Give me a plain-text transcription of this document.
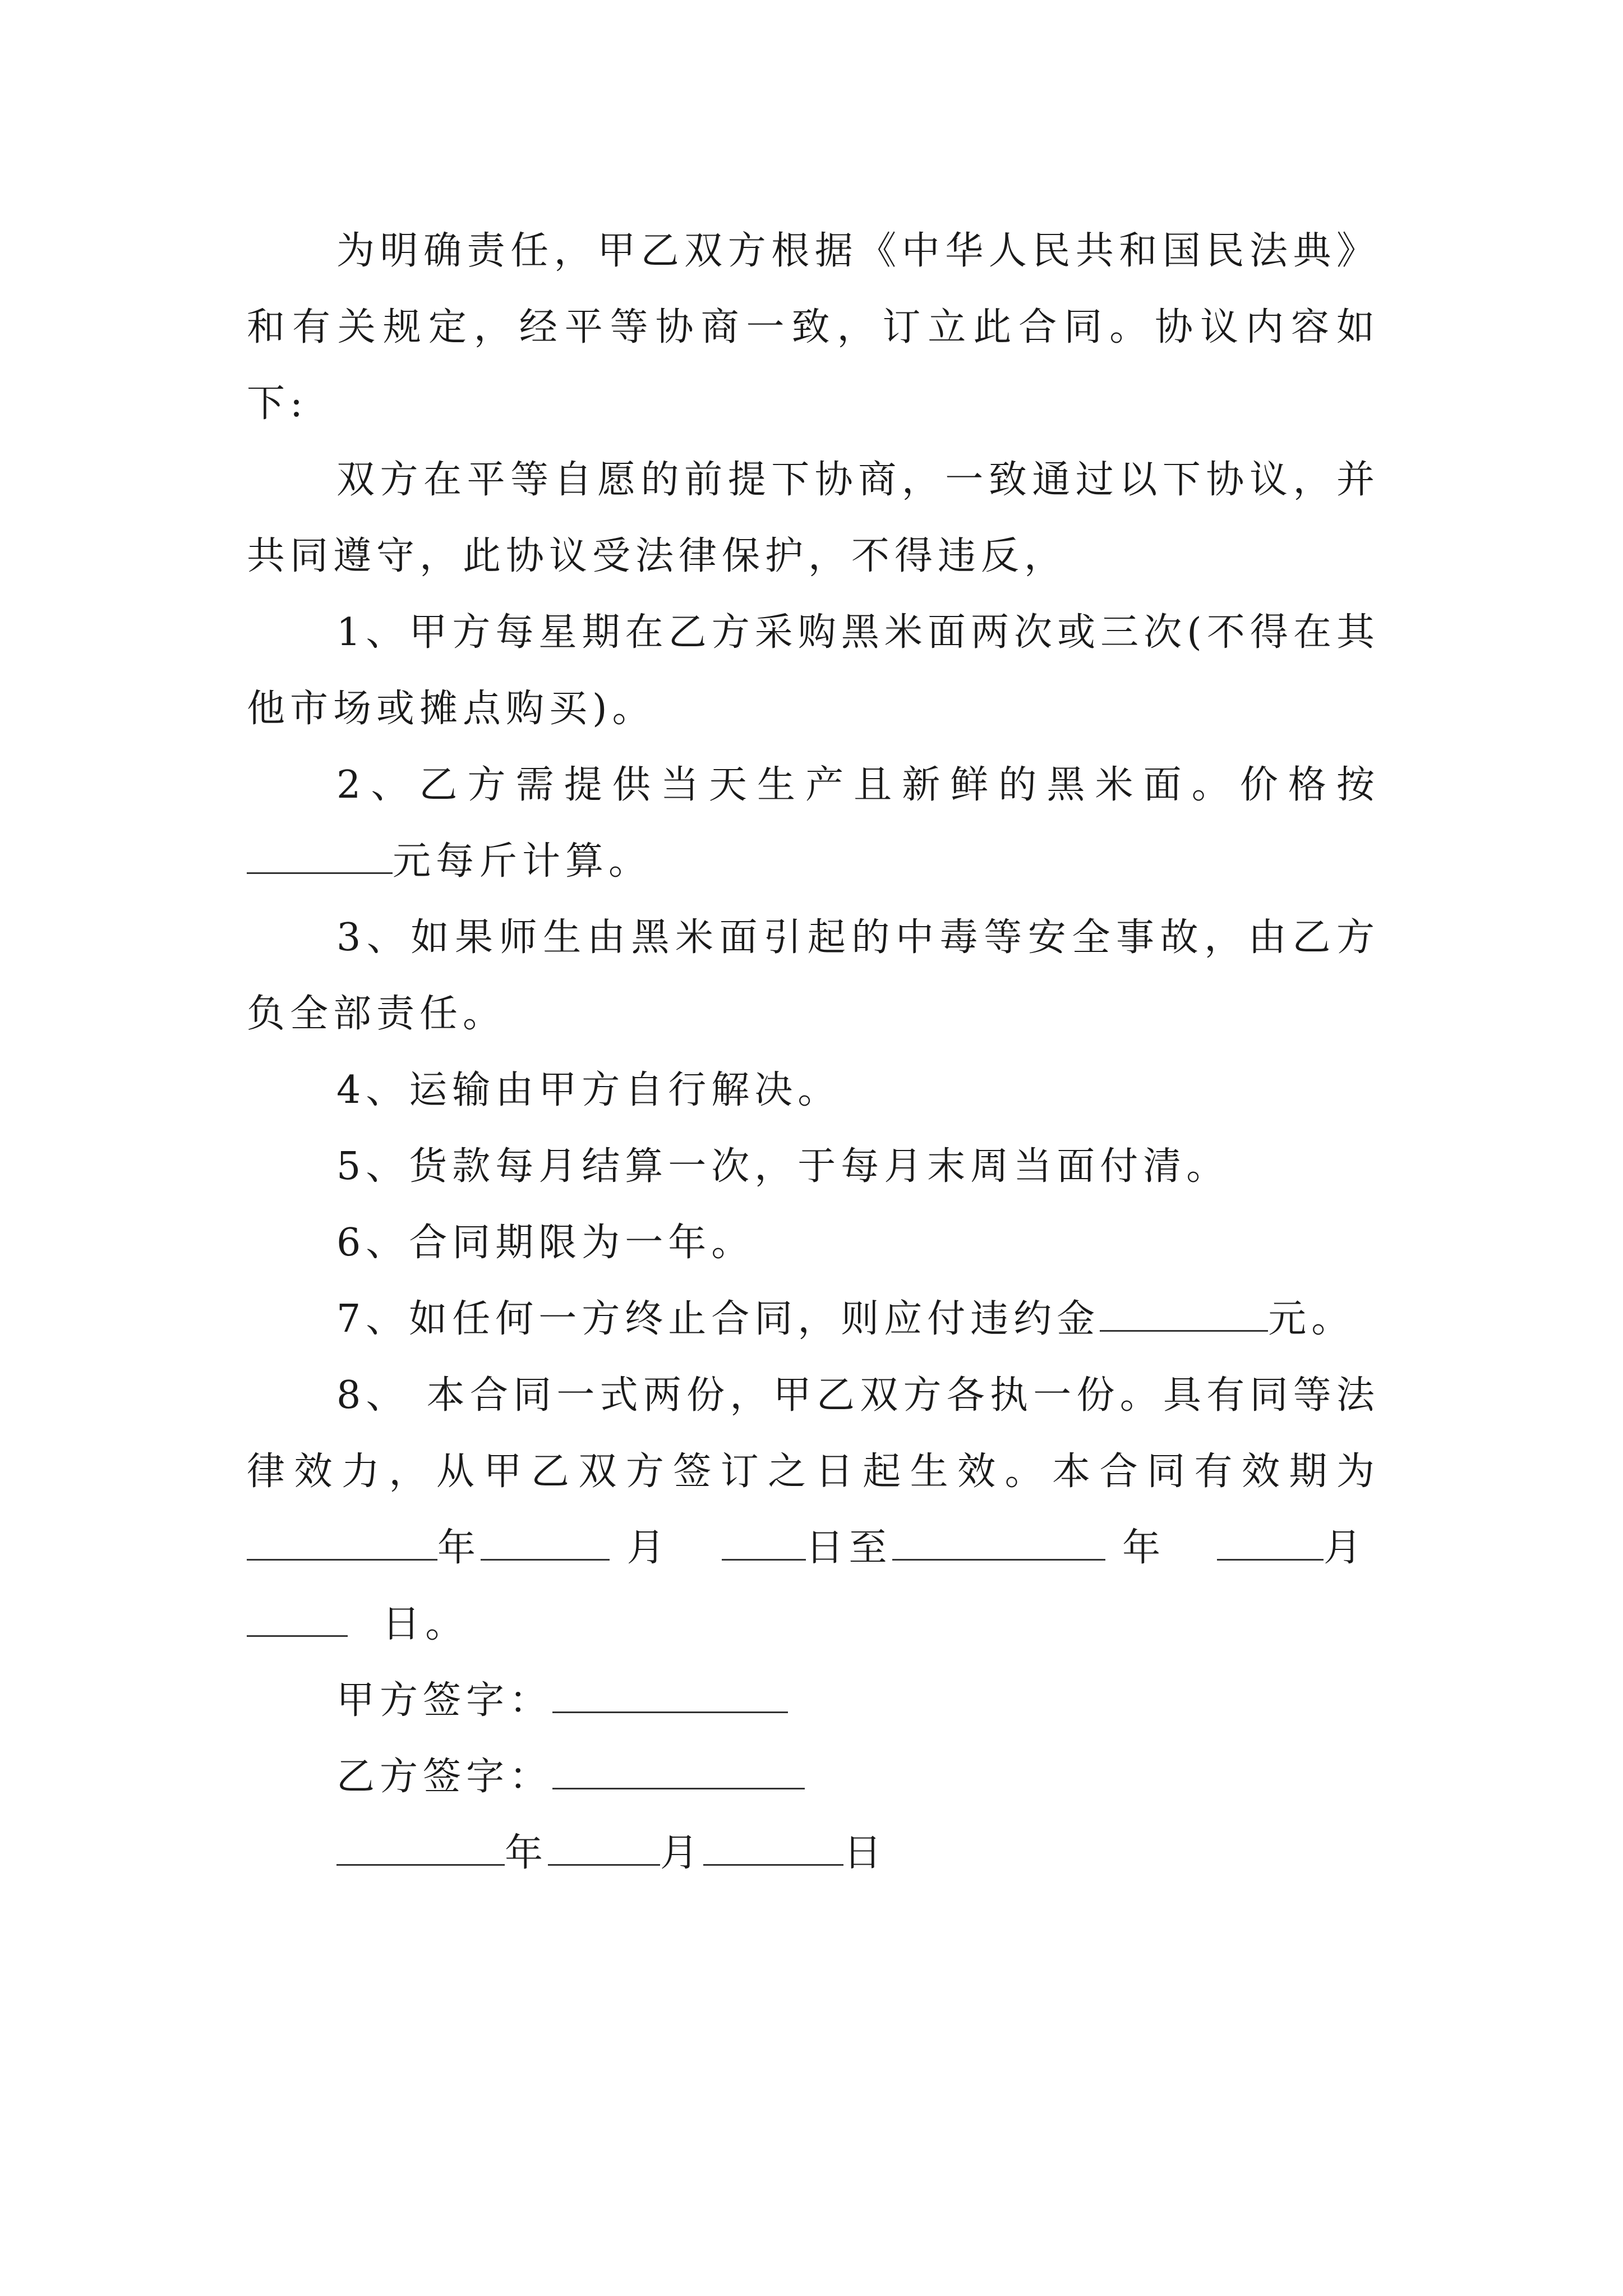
为明确责任，甲乙双方根据《中华人民共和国民法典》和有关规定，经平等协商一致，订立此合同。协议内容如下:

双方在平等自愿的前提下协商，一致通过以下协议，并共同遵守，此协议受法律保护，不得违反，

1、甲方每星期在乙方采购黑米面两次或三次(不得在其他市场或摊点购买)。

2、乙方需提供当天生产且新鲜的黑米面。价格按元每斤计算。

3、如果师生由黑米面引起的中毒等安全事故，由乙方负全部责任。

4、运输由甲方自行解决。

5、货款每月结算一次，于每月末周当面付清。

6、合同期限为一年。

7、如任何一方终止合同，则应付违约金	元。

8、 本合同一式两份，甲乙双方各执一份。具有同等法律效力，从甲乙双方签订之日起生效。本合同有效期为年	月	日至	年	月
日。

甲方签字：

乙方签字：

年	月	日
